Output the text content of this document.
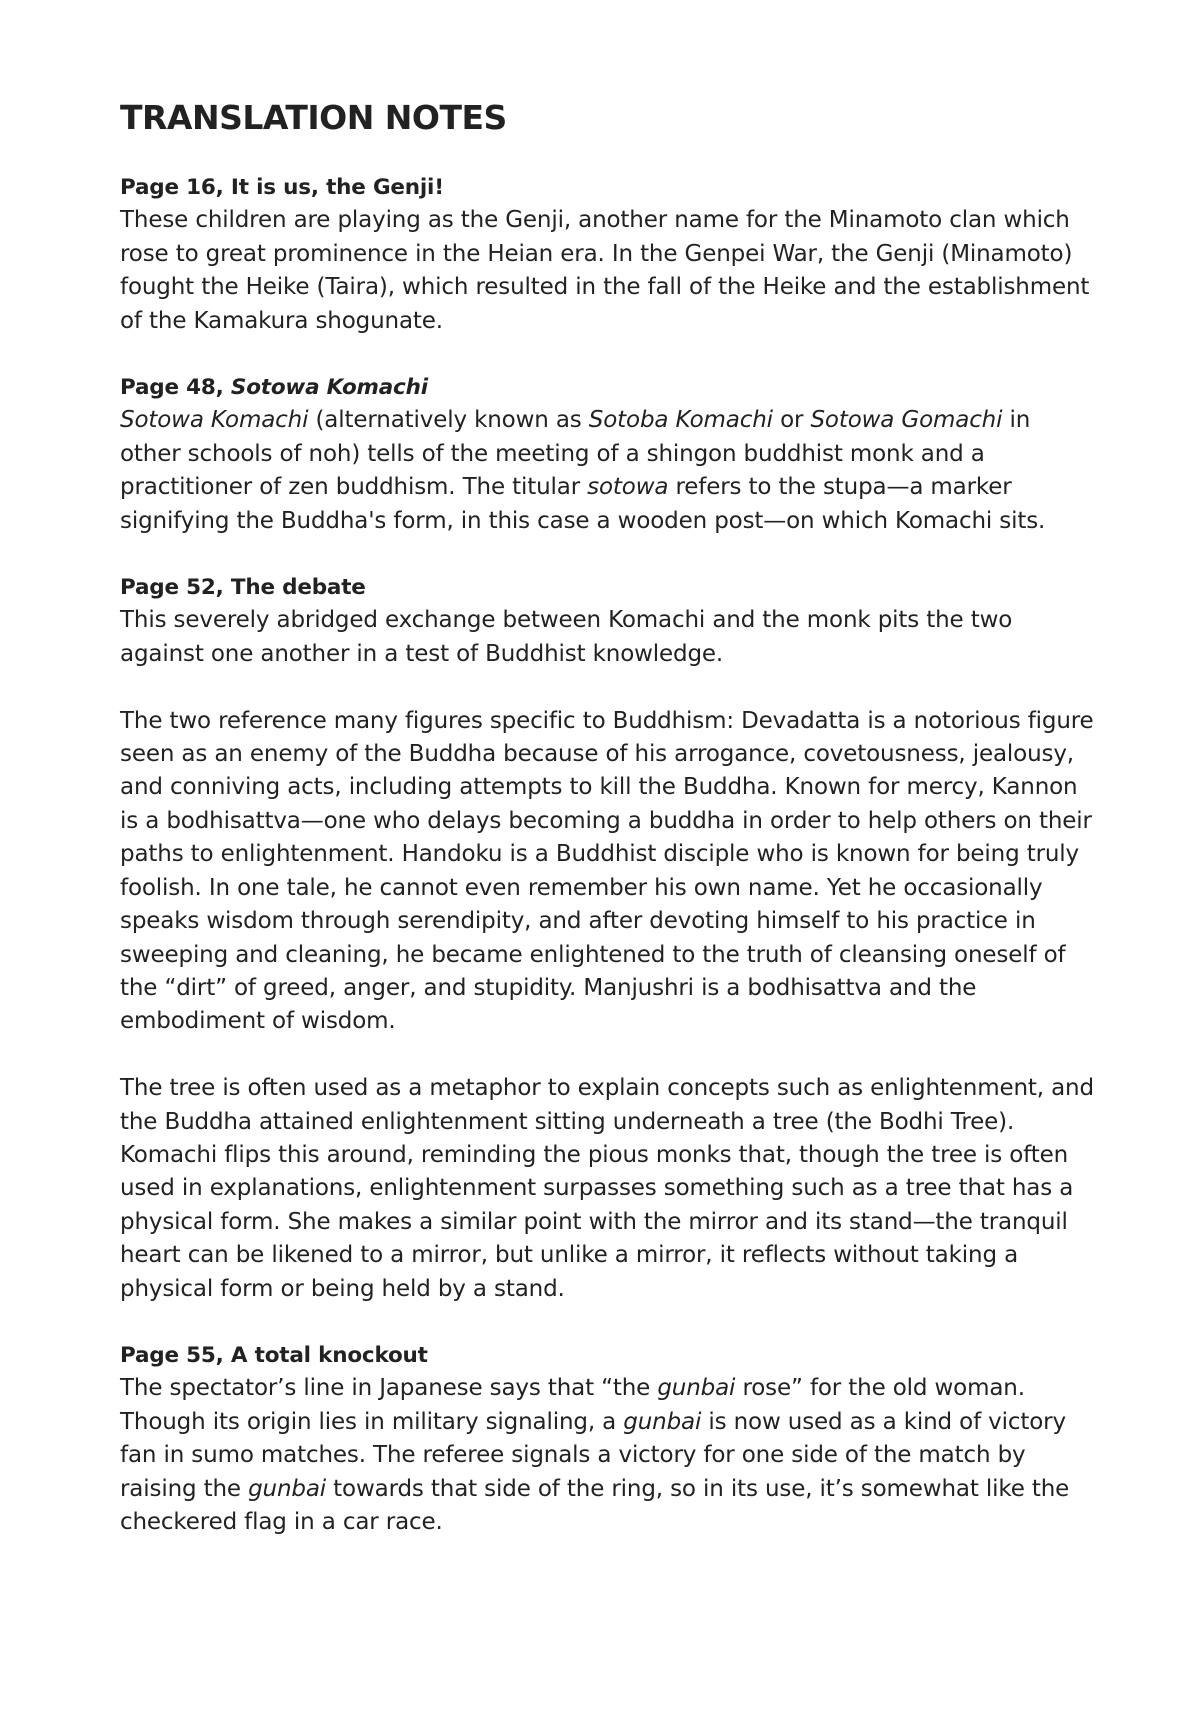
TRANSLATION NOTES
Page 16, It is us, the Genji!

These children are playing as the Genji, another name for the Minamoto clan which rose to great prominence in the Heian era. In the Genpei War, the Genji (Minamoto) fought the Heike (Taira), which resulted in the fall of the Heike and the establishment of the Kamakura shogunate.

Page 48, Sotowa Komachi

Sotowa Komachi (alternatively known as Sotoba Komachi or Sotowa Gomachi in other schools of noh) tells of the meeting of a shingon buddhist monk and a practitioner of zen buddhism. The titular sotowa refers to the stupa—a marker signifying the Buddha's form, in this case a wooden post—on which Komachi sits.

Page 52, The debate

This severely abridged exchange between Komachi and the monk pits the two against one another in a test of Buddhist knowledge.

The two reference many figures specific to Buddhism: Devadatta is a notorious figure seen as an enemy of the Buddha because of his arrogance, covetousness, jealousy, and conniving acts, including attempts to kill the Buddha. Known for mercy, Kannon is a bodhisattva—one who delays becoming a buddha in order to help others on their paths to enlightenment. Handoku is a Buddhist disciple who is known for being truly foolish. In one tale, he cannot even remember his own name. Yet he occasionally speaks wisdom through serendipity, and after devoting himself to his practice in sweeping and cleaning, he became enlightened to the truth of cleansing oneself of the “dirt” of greed, anger, and stupidity. Manjushri is a bodhisattva and the embodiment of wisdom.

The tree is often used as a metaphor to explain concepts such as enlightenment, and the Buddha attained enlightenment sitting underneath a tree (the Bodhi Tree). Komachi flips this around, reminding the pious monks that, though the tree is often used in explanations, enlightenment surpasses something such as a tree that has a physical form. She makes a similar point with the mirror and its stand—the tranquil heart can be likened to a mirror, but unlike a mirror, it reflects without taking a physical form or being held by a stand.

Page 55, A total knockout

The spectator’s line in Japanese says that “the gunbai rose” for the old woman. Though its origin lies in military signaling, a gunbai is now used as a kind of victory fan in sumo matches. The referee signals a victory for one side of the match by raising the gunbai towards that side of the ring, so in its use, it’s somewhat like the checkered flag in a car race.
